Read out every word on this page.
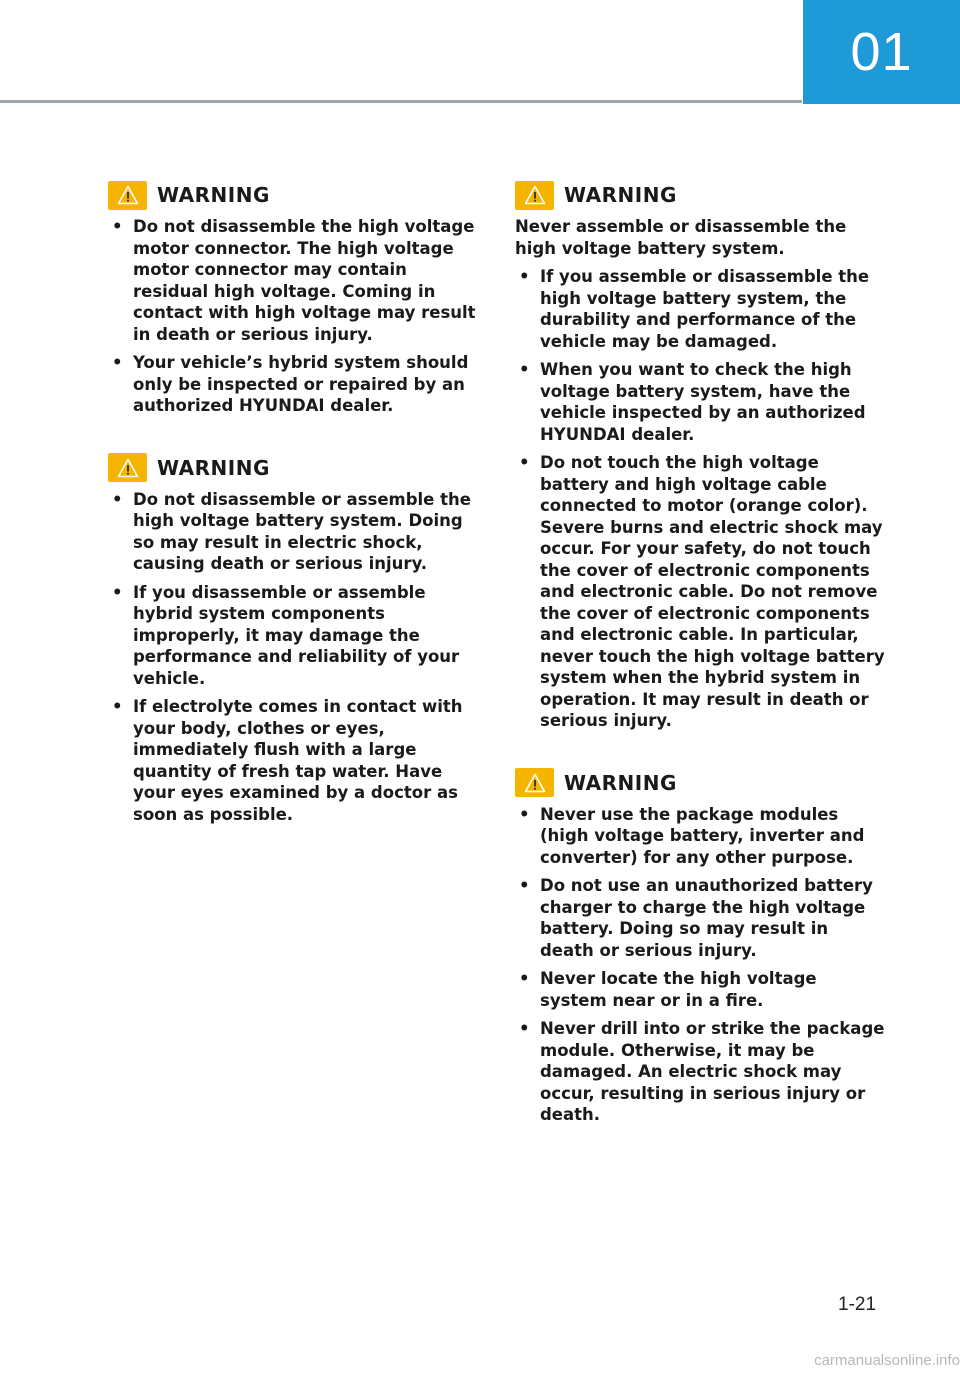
01
WARNING
• Do not disassemble the high voltage motor connector. The high voltage motor connector may contain residual high voltage. Coming in contact with high voltage may result in death or serious injury.
• Your vehicle’s hybrid system should only be inspected or repaired by an authorized HYUNDAI dealer.
WARNING
• Do not disassemble or assemble the high voltage battery system. Doing so may result in electric shock, causing death or serious injury.
• If you disassemble or assemble hybrid system components improperly, it may damage the performance and reliability of your vehicle.
• If electrolyte comes in contact with your body, clothes or eyes, immediately flush with a large quantity of fresh tap water. Have your eyes examined by a doctor as soon as possible.
WARNING

Never assemble or disassemble the high voltage battery system.

• If you assemble or disassemble the high voltage battery system, the durability and performance of the vehicle may be damaged.
• When you want to check the high voltage battery system, have the vehicle inspected by an authorized HYUNDAI dealer.
• Do not touch the high voltage battery and high voltage cable connected to motor (orange color). Severe burns and electric shock may occur. For your safety, do not touch the cover of electronic components and electronic cable. Do not remove the cover of electronic components and electronic cable. In particular, never touch the high voltage battery system when the hybrid system in operation. It may result in death or serious injury.
WARNING
• Never use the package modules (high voltage battery, inverter and converter) for any other purpose.
• Do not use an unauthorized battery charger to charge the high voltage battery. Doing so may result in death or serious injury.
• Never locate the high voltage system near or in a fire.
• Never drill into or strike the package module. Otherwise, it may be damaged. An electric shock may occur, resulting in serious injury or death.
1-21
carmanualsonline.info
